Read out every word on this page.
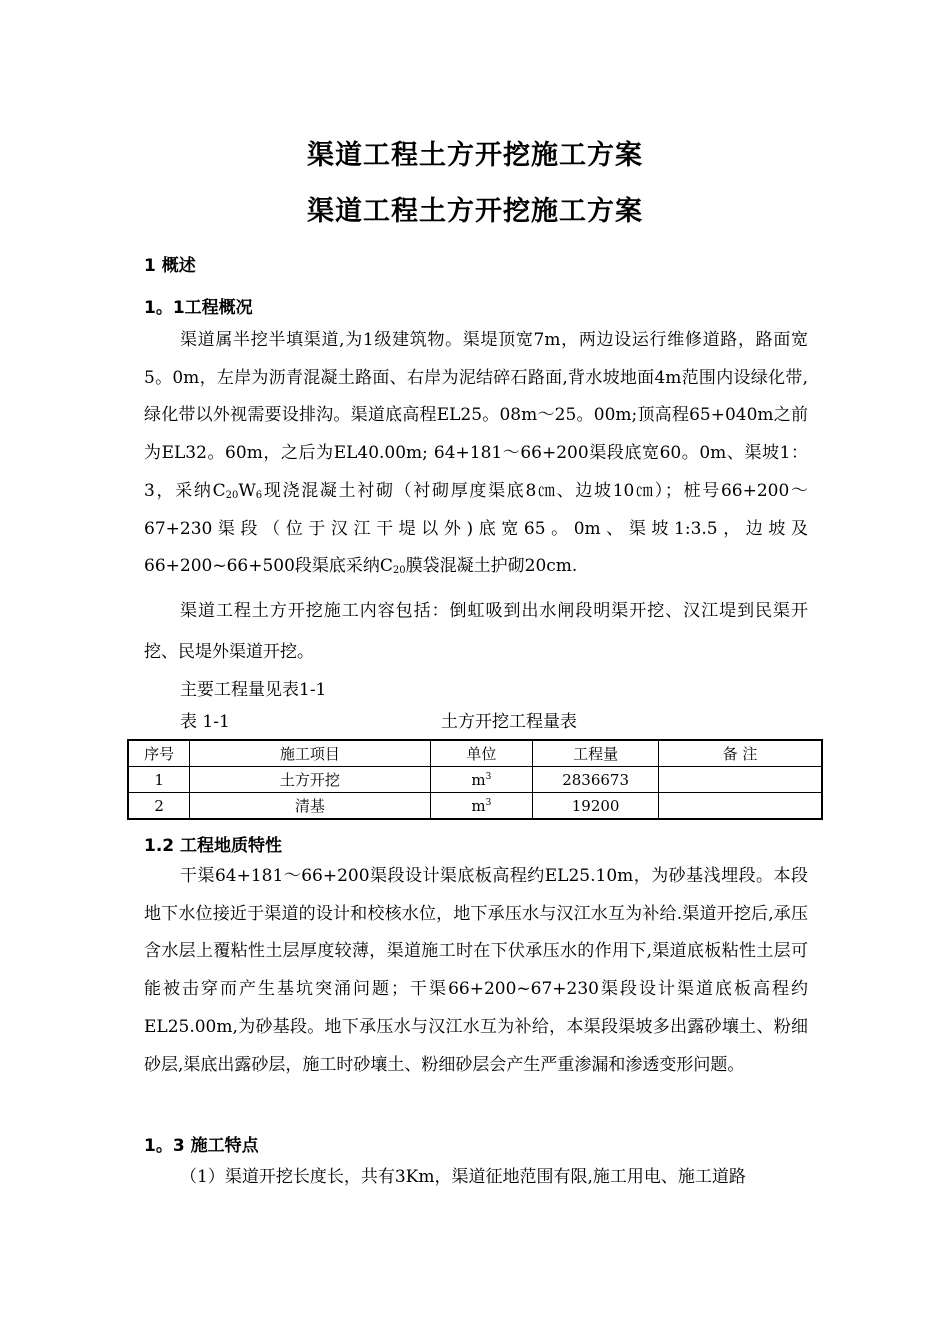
渠道工程土方开挖施工方案
渠道工程土方开挖施工方案
1 概述
1。1工程概况

渠道属半挖半填渠道,为1级建筑物。渠堤顶宽7m，两边设运行维修道路，路面宽5。0m，左岸为沥青混凝土路面、右岸为泥结碎石路面,背水坡地面4m范围内设绿化带,绿化带以外视需要设排沟。渠道底高程EL25。08m～25。00m;顶高程65+040m之前为EL32。60m，之后为EL40.00m; 64+181～66+200渠段底宽60。0m、渠坡1：3，采纳$C_{20}W_6$现浇混凝土衬砌（衬砌厚度渠底8㎝、边坡10㎝）；桩号66+200～67+230渠段（位于汉江干堤以外)底宽65。0m、渠坡1:3.5，边坡及66+200~66+500段渠底采纳$C_{20}$膜袋混凝土护砌20cm.

渠道工程土方开挖施工内容包括：倒虹吸到出水闸段明渠开挖、汉江堤到民渠开挖、民堤外渠道开挖。

主要工程量见表1-1
表 1-1	土方开挖工程量表
序号	施工项目	单位	工程量	备 注
1	土方开挖	$m^3$	2836673	
2	清基	$m^3$	19200	
1.2 工程地质特性

干渠64+181～66+200渠段设计渠底板高程约EL25.10m，为砂基浅埋段。本段地下水位接近于渠道的设计和校核水位，地下承压水与汉江水互为补给.渠道开挖后,承压含水层上覆粘性土层厚度较薄，渠道施工时在下伏承压水的作用下,渠道底板粘性土层可能被击穿而产生基坑突涌问题；干渠66+200~67+230渠段设计渠道底板高程约EL25.00m,为砂基段。地下承压水与汉江水互为补给，本渠段渠坡多出露砂壤土、粉细砂层,渠底出露砂层，施工时砂壤土、粉细砂层会产生严重渗漏和渗透变形问题。

1。3 施工特点

（1）渠道开挖长度长，共有3Km，渠道征地范围有限,施工用电、施工道路
